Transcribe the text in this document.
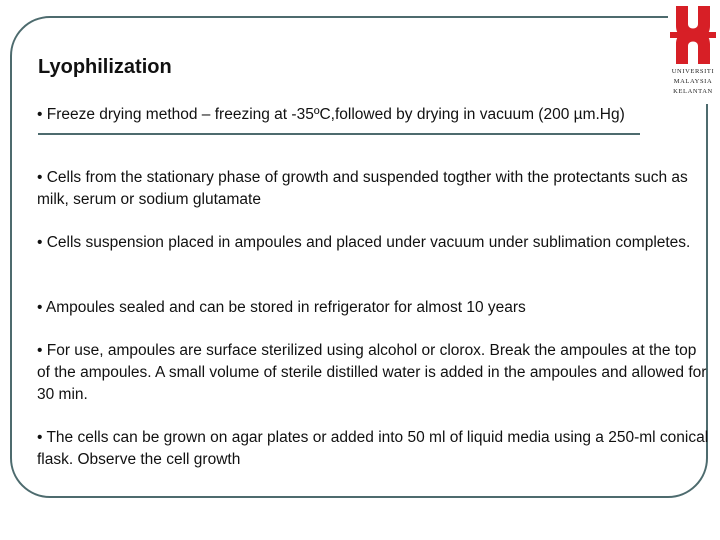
UNIVERSITI
MALAYSIA
KELANTAN
Lyophilization

• Freeze drying method – freezing at -35ºC,followed by drying in vacuum (200 µm.Hg)

• Cells from the stationary phase of growth and suspended togther with the protectants such as milk, serum or sodium glutamate

• Cells suspension placed in ampoules and placed under vacuum under sublimation completes.

• Ampoules sealed and can be stored in refrigerator for almost 10 years

• For use, ampoules are surface sterilized using alcohol or clorox. Break the ampoules at the top of the ampoules. A small volume of sterile distilled water is added in the ampoules and allowed for 30 min.

• The cells can be grown on agar plates or added into 50 ml of liquid media using a 250-ml conical flask. Observe the cell growth
